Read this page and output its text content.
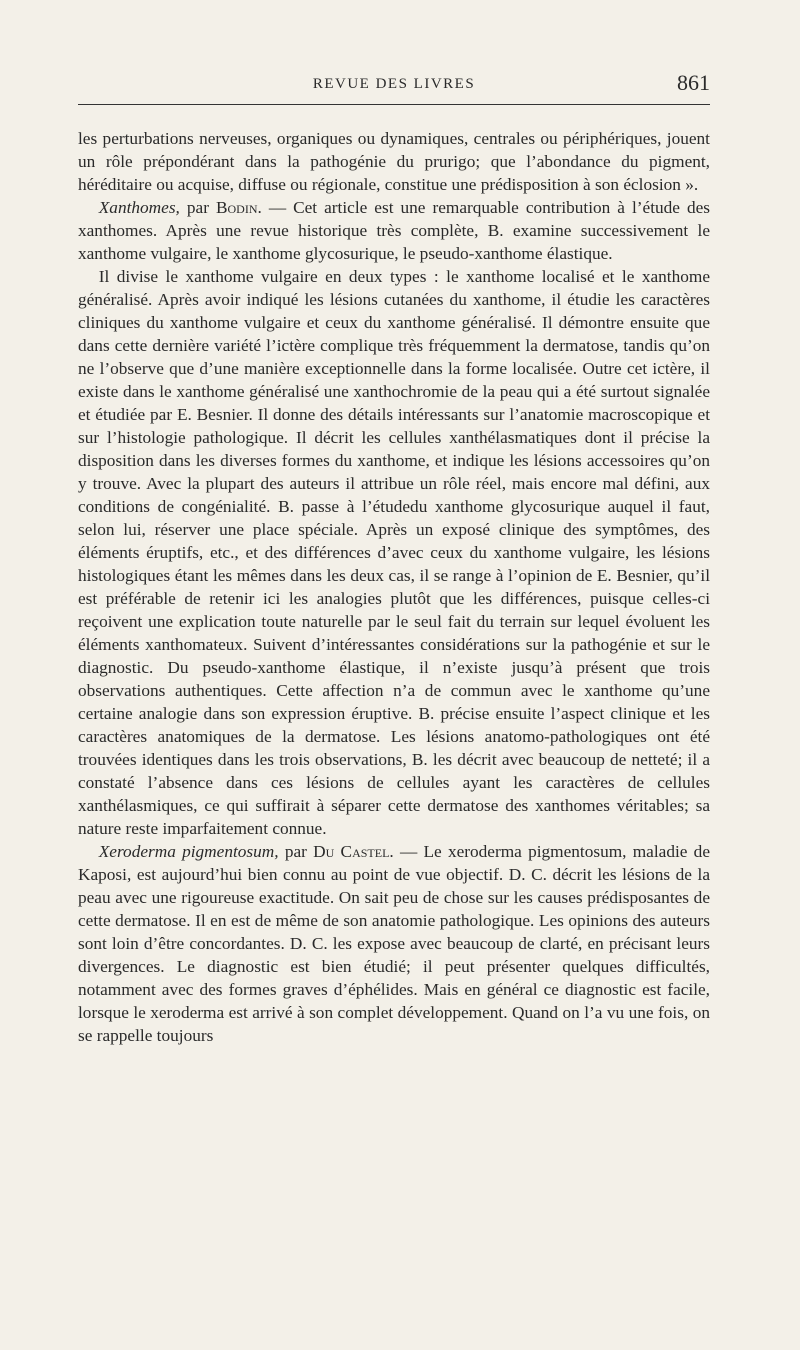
REVUE DES LIVRES	861

les perturbations nerveuses, organiques ou dynamiques, centrales ou périphériques, jouent un rôle prépondérant dans la pathogénie du prurigo; que l’abondance du pigment, héréditaire ou acquise, diffuse ou régionale, constitue une prédisposition à son éclosion ».

Xanthomes, par Bodin. — Cet article est une remarquable contribution à l’étude des xanthomes. Après une revue historique très complète, B. examine successivement le xanthome vulgaire, le xanthome glycosurique, le pseudo-xanthome élastique.

Il divise le xanthome vulgaire en deux types : le xanthome localisé et le xanthome généralisé. Après avoir indiqué les lésions cutanées du xanthome, il étudie les caractères cliniques du xanthome vulgaire et ceux du xanthome généralisé. Il démontre ensuite que dans cette dernière variété l’ictère complique très fréquemment la dermatose, tandis qu’on ne l’observe que d’une manière exceptionnelle dans la forme localisée. Outre cet ictère, il existe dans le xanthome généralisé une xanthochromie de la peau qui a été surtout signalée et étudiée par E. Besnier. Il donne des détails intéressants sur l’anatomie macroscopique et sur l’histologie pathologique. Il décrit les cellules xanthélasmatiques dont il précise la disposition dans les diverses formes du xanthome, et indique les lésions accessoires qu’on y trouve. Avec la plupart des auteurs il attribue un rôle réel, mais encore mal défini, aux conditions de congénialité. B. passe à l’étudedu xanthome glycosurique auquel il faut, selon lui, réserver une place spéciale. Après un exposé clinique des symptômes, des éléments éruptifs, etc., et des différences d’avec ceux du xanthome vulgaire, les lésions histologiques étant les mêmes dans les deux cas, il se range à l’opinion de E. Besnier, qu’il est préférable de retenir ici les analogies plutôt que les différences, puisque celles-ci reçoivent une explication toute naturelle par le seul fait du terrain sur lequel évoluent les éléments xanthomateux. Suivent d’intéressantes considérations sur la pathogénie et sur le diagnostic. Du pseudo-xanthome élastique, il n’existe jusqu’à présent que trois observations authentiques. Cette affection n’a de commun avec le xanthome qu’une certaine analogie dans son expression éruptive. B. précise ensuite l’aspect clinique et les caractères anatomiques de la dermatose. Les lésions anatomo-pathologiques ont été trouvées identiques dans les trois observations, B. les décrit avec beaucoup de netteté; il a constaté l’absence dans ces lésions de cellules ayant les caractères de cellules xanthélasmiques, ce qui suffirait à séparer cette dermatose des xanthomes véritables; sa nature reste imparfaitement connue.

Xeroderma pigmentosum, par Du Castel. — Le xeroderma pigmentosum, maladie de Kaposi, est aujourd’hui bien connu au point de vue objectif. D. C. décrit les lésions de la peau avec une rigoureuse exactitude. On sait peu de chose sur les causes prédisposantes de cette dermatose. Il en est de même de son anatomie pathologique. Les opinions des auteurs sont loin d’être concordantes. D. C. les expose avec beaucoup de clarté, en précisant leurs divergences. Le diagnostic est bien étudié; il peut présenter quelques difficultés, notamment avec des formes graves d’éphélides. Mais en général ce diagnostic est facile, lorsque le xeroderma est arrivé à son complet développement. Quand on l’a vu une fois, on se rappelle toujours
